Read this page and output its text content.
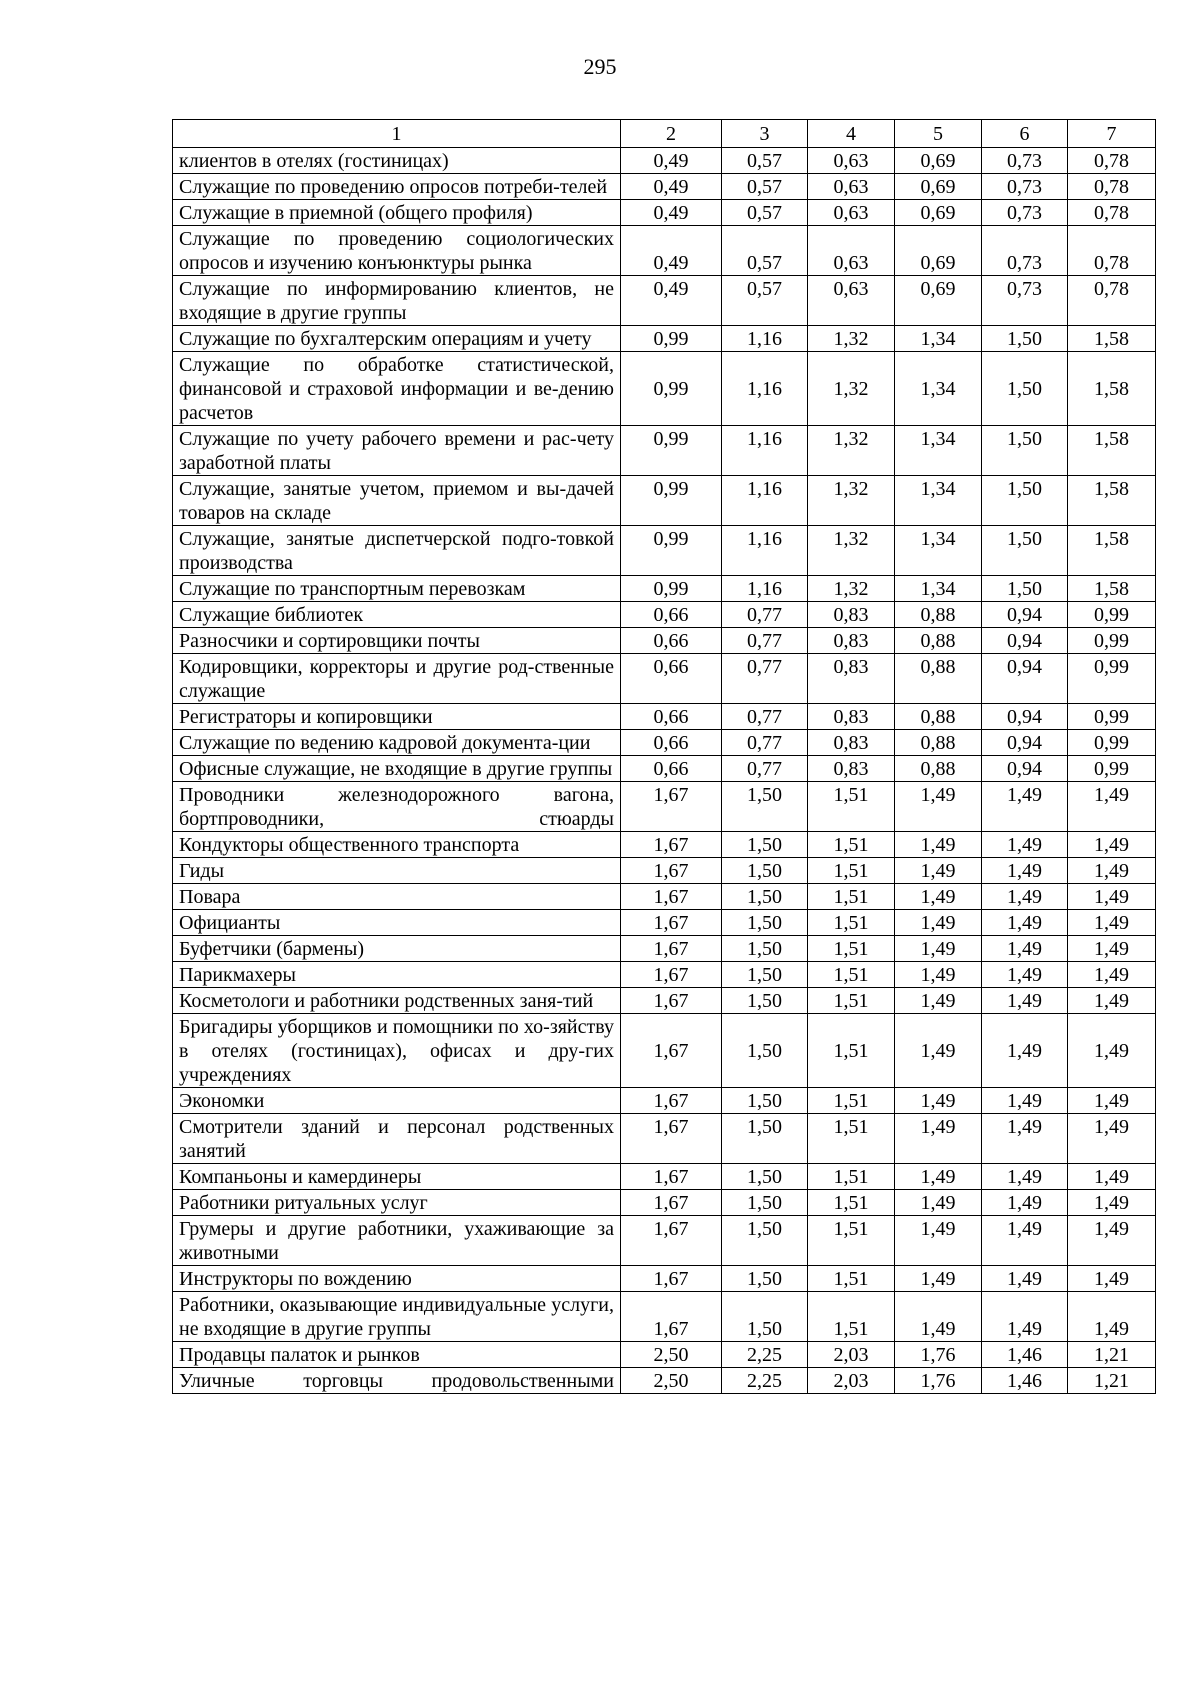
295
1	2	3	4	5	6	7
клиентов в отелях (гостиницах)	0,49	0,57	0,63	0,69	0,73	0,78
Служащие по проведению опросов потреби-телей	0,49	0,57	0,63	0,69	0,73	0,78
Служащие в приемной (общего профиля)	0,49	0,57	0,63	0,69	0,73	0,78
Служащие по проведению социологических опросов и изучению конъюнктуры рынка	0,49	0,57	0,63	0,69	0,73	0,78
Служащие по информированию клиентов, не входящие в другие группы	0,49	0,57	0,63	0,69	0,73	0,78
Служащие по бухгалтерским операциям и учету	0,99	1,16	1,32	1,34	1,50	1,58
Служащие по обработке статистической, финансовой и страховой информации и ве-дению расчетов	0,99	1,16	1,32	1,34	1,50	1,58
Служащие по учету рабочего времени и рас-чету заработной платы	0,99	1,16	1,32	1,34	1,50	1,58
Служащие, занятые учетом, приемом и вы-дачей товаров на складе	0,99	1,16	1,32	1,34	1,50	1,58
Служащие, занятые диспетчерской подго-товкой производства	0,99	1,16	1,32	1,34	1,50	1,58
Служащие по транспортным перевозкам	0,99	1,16	1,32	1,34	1,50	1,58
Служащие библиотек	0,66	0,77	0,83	0,88	0,94	0,99
Разносчики и сортировщики почты	0,66	0,77	0,83	0,88	0,94	0,99
Кодировщики, корректоры и другие род-ственные служащие	0,66	0,77	0,83	0,88	0,94	0,99
Регистраторы и копировщики	0,66	0,77	0,83	0,88	0,94	0,99
Служащие по ведению кадровой документа-ции	0,66	0,77	0,83	0,88	0,94	0,99
Офисные служащие, не входящие в другие группы	0,66	0,77	0,83	0,88	0,94	0,99
Проводники железнодорожного вагона, бортпроводники, стюарды	1,67	1,50	1,51	1,49	1,49	1,49
Кондукторы общественного транспорта	1,67	1,50	1,51	1,49	1,49	1,49
Гиды	1,67	1,50	1,51	1,49	1,49	1,49
Повара	1,67	1,50	1,51	1,49	1,49	1,49
Официанты	1,67	1,50	1,51	1,49	1,49	1,49
Буфетчики (бармены)	1,67	1,50	1,51	1,49	1,49	1,49
Парикмахеры	1,67	1,50	1,51	1,49	1,49	1,49
Косметологи и работники родственных заня-тий	1,67	1,50	1,51	1,49	1,49	1,49
Бригадиры уборщиков и помощники по хо-зяйству в отелях (гостиницах), офисах и дру-гих учреждениях	1,67	1,50	1,51	1,49	1,49	1,49
Экономки	1,67	1,50	1,51	1,49	1,49	1,49
Смотрители зданий и персонал родственных занятий	1,67	1,50	1,51	1,49	1,49	1,49
Компаньоны и камердинеры	1,67	1,50	1,51	1,49	1,49	1,49
Работники ритуальных услуг	1,67	1,50	1,51	1,49	1,49	1,49
Грумеры и другие работники, ухаживающие за животными	1,67	1,50	1,51	1,49	1,49	1,49
Инструкторы по вождению	1,67	1,50	1,51	1,49	1,49	1,49
Работники, оказывающие индивидуальные услуги, не входящие в другие группы	1,67	1,50	1,51	1,49	1,49	1,49
Продавцы палаток и рынков	2,50	2,25	2,03	1,76	1,46	1,21
Уличные торговцы продовольственными	2,50	2,25	2,03	1,76	1,46	1,21
